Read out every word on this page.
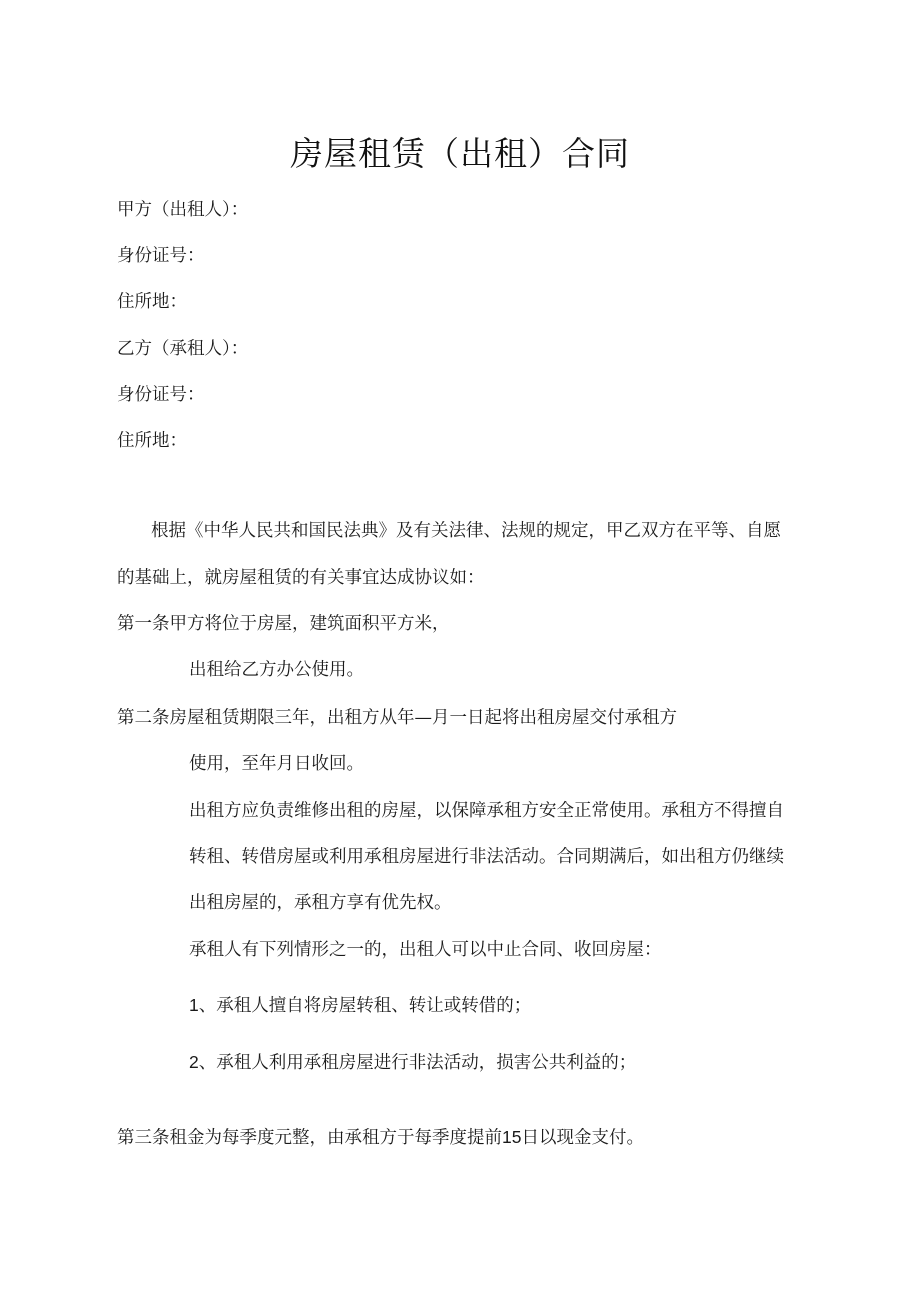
房屋租赁（出租）合同
甲方（出租人）：
身份证号：
住所地：
乙方（承租人）：
身份证号：
住所地：
根据《中华人民共和国民法典》及有关法律、法规的规定，甲乙双方在平等、自愿
的基础上，就房屋租赁的有关事宜达成协议如：
第一条甲方将位于房屋，建筑面积平方米，
出租给乙方办公使用。
第二条房屋租赁期限三年，出租方从年—月一日起将出租房屋交付承租方
使用，至年月日收回。
出租方应负责维修出租的房屋，以保障承租方安全正常使用。承租方不得擅自
转租、转借房屋或利用承租房屋进行非法活动。合同期满后，如出租方仍继续
出租房屋的，承租方享有优先权。
承租人有下列情形之一的，出租人可以中止合同、收回房屋：
1、承租人擅自将房屋转租、转让或转借的；
2、承租人利用承租房屋进行非法活动，损害公共利益的；
第三条租金为每季度元整，由承租方于每季度提前15日以现金支付。
